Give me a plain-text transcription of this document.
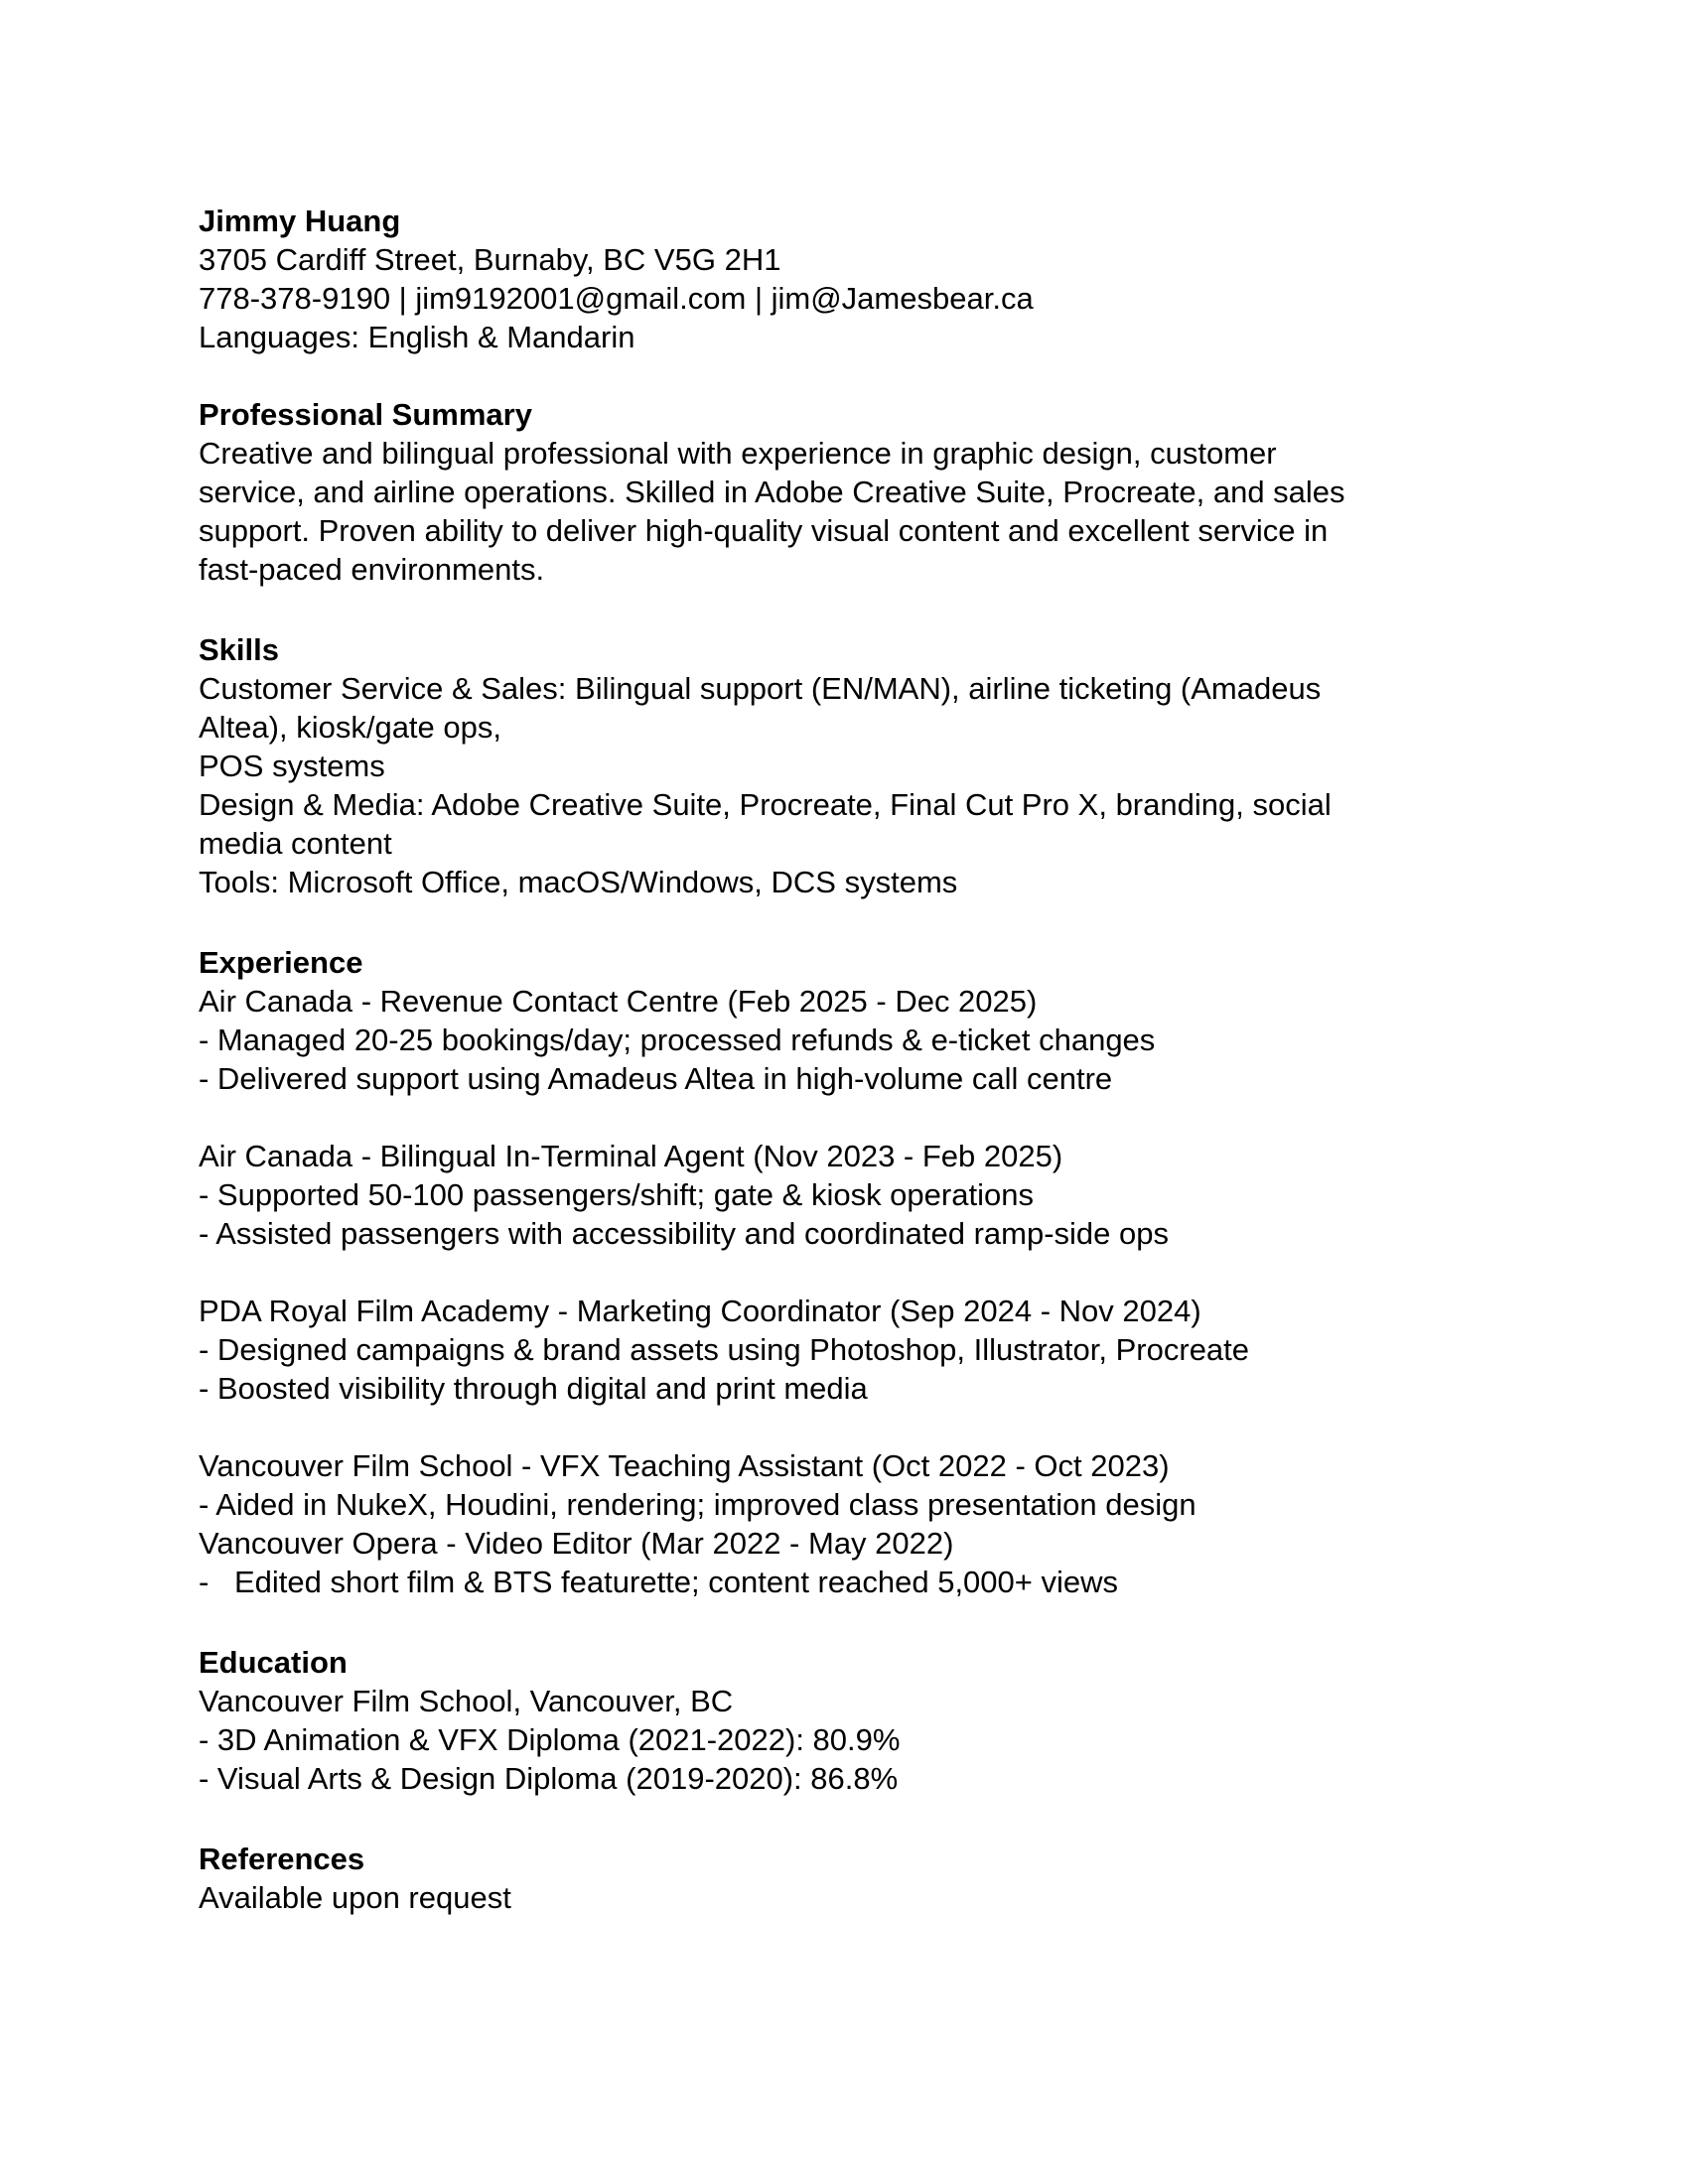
Jimmy Huang

3705 Cardiff Street, Burnaby, BC V5G 2H1

778-378-9190 | jim9192001@gmail.com | jim@Jamesbear.ca

Languages: English & Mandarin

Professional Summary

Creative and bilingual professional with experience in graphic design, customer

service, and airline operations. Skilled in Adobe Creative Suite, Procreate, and sales

support. Proven ability to deliver high-quality visual content and excellent service in

fast-paced environments.

Skills

Customer Service & Sales: Bilingual support (EN/MAN), airline ticketing (Amadeus

Altea), kiosk/gate ops,

POS systems

Design & Media: Adobe Creative Suite, Procreate, Final Cut Pro X, branding, social

media content

Tools: Microsoft Office, macOS/Windows, DCS systems

Experience

Air Canada - Revenue Contact Centre (Feb 2025 - Dec 2025)

- Managed 20-25 bookings/day; processed refunds & e-ticket changes

- Delivered support using Amadeus Altea in high-volume call centre

Air Canada - Bilingual In-Terminal Agent (Nov 2023 - Feb 2025)

- Supported 50-100 passengers/shift; gate & kiosk operations

- Assisted passengers with accessibility and coordinated ramp-side ops

PDA Royal Film Academy - Marketing Coordinator (Sep 2024 - Nov 2024)

- Designed campaigns & brand assets using Photoshop, Illustrator, Procreate

- Boosted visibility through digital and print media

Vancouver Film School - VFX Teaching Assistant (Oct 2022 - Oct 2023)

- Aided in NukeX, Houdini, rendering; improved class presentation design

Vancouver Opera - Video Editor (Mar 2022 - May 2022)

- Edited short film & BTS featurette; content reached 5,000+ views

Education

Vancouver Film School, Vancouver, BC

- 3D Animation & VFX Diploma (2021-2022): 80.9%

- Visual Arts & Design Diploma (2019-2020): 86.8%

References

Available upon request
